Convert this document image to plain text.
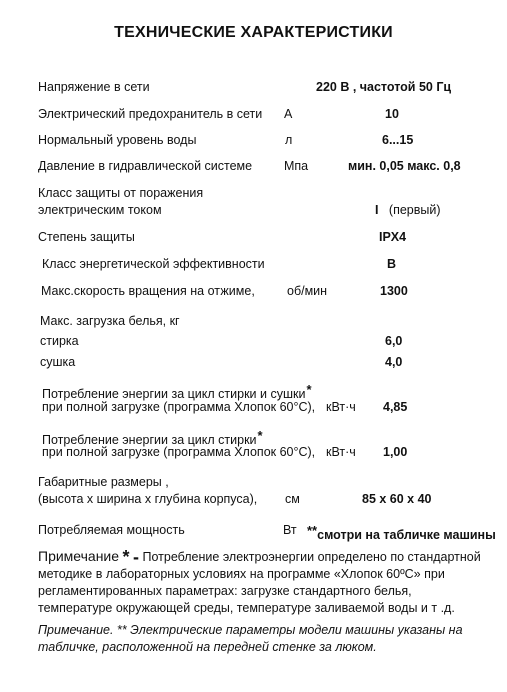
ТЕХНИЧЕСКИЕ ХАРАКТЕРИСТИКИ
Напряжение в сети	220 В , частотой 50 Гц
Электрический предохранитель в сети А	10
Нормальный уровень воды	л	6...15
Давление в гидравлической системе	Мпа	мин. 0,05 макс. 0,8
Класс защиты от поражения
электрическим током	I (первый)
Степень защиты	IPX4
Класс энергетической эффективности	В
Макс.скорость вращения на отжиме,	об/мин	1300
Макс. загрузка белья, кг
стирка	6,0
сушка	4,0
Потребление энергии за цикл стирки и сушки*
при полной загрузке (программа Хлопок 60°С), кВт·ч 4,85
Потребление энергии за цикл стирки*
при полной загрузке (программа Хлопок 60°С), кВт·ч 1,00
Габаритные размеры ,
(высота х ширина х глубина корпуса), см	85 х 60 х 40
Потребляемая мощность	Вт **смотри на табличке машины
Примечание * - Потребление электроэнергии определено по стандартной методике в лабораторных условиях на программе «Хлопок 60ºС» при регламентированных параметрах: загрузке стандартного белья, температуре окружающей среды, температуре заливаемой воды и т .д.
Примечание. ** Электрические параметры модели машины указаны на табличке, расположенной на передней стенке за люком.
